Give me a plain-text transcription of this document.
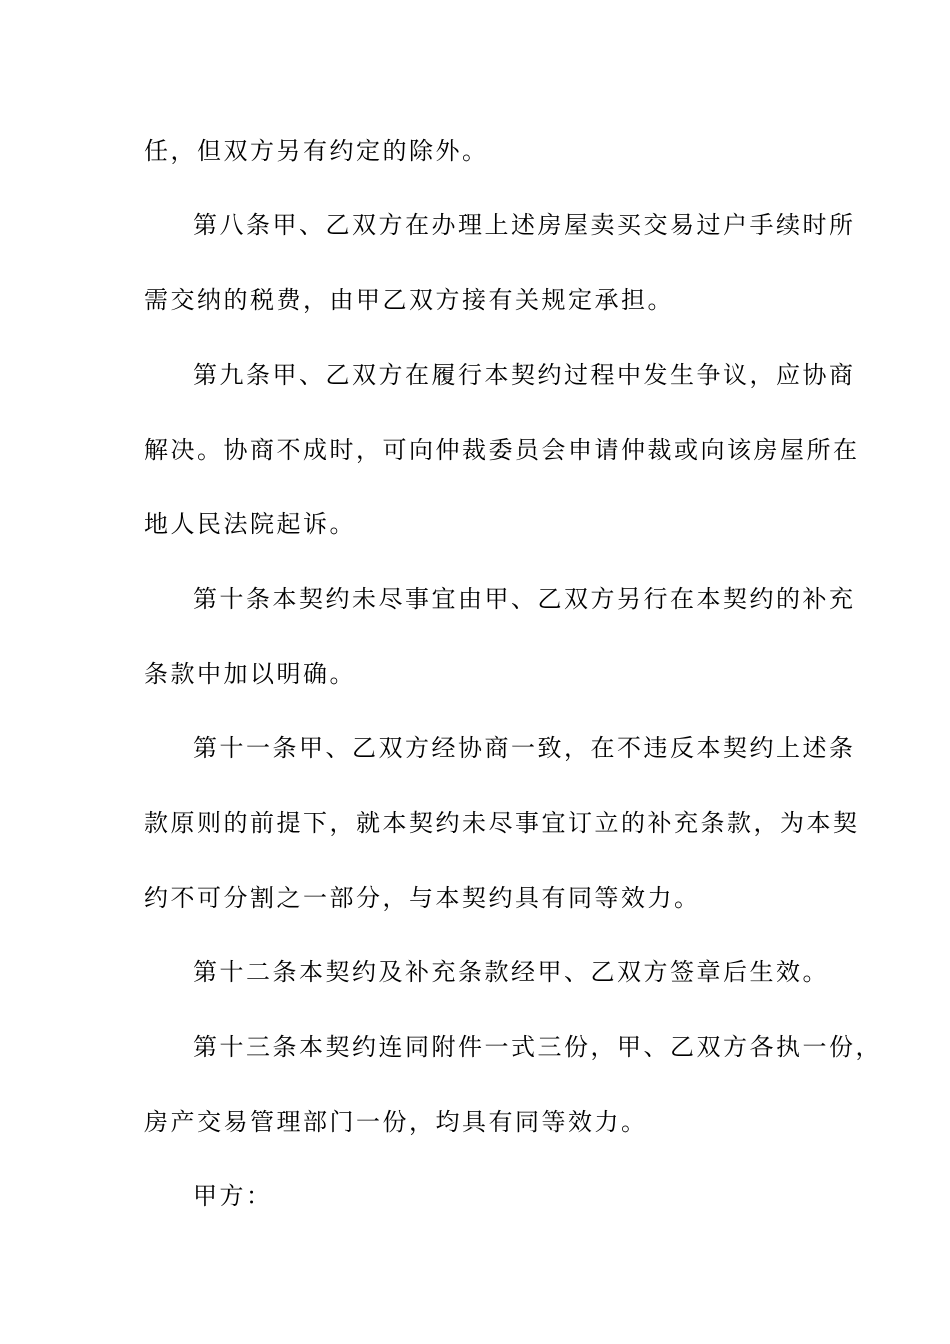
任，但双方另有约定的除外。
第八条甲、乙双方在办理上述房屋卖买交易过户手续时所
需交纳的税费，由甲乙双方接有关规定承担。
第九条甲、乙双方在履行本契约过程中发生争议，应协商
解决。协商不成时，可向仲裁委员会申请仲裁或向该房屋所在
地人民法院起诉。
第十条本契约未尽事宜由甲、乙双方另行在本契约的补充
条款中加以明确。
第十一条甲、乙双方经协商一致，在不违反本契约上述条
款原则的前提下，就本契约未尽事宜订立的补充条款，为本契
约不可分割之一部分，与本契约具有同等效力。
第十二条本契约及补充条款经甲、乙双方签章后生效。
第十三条本契约连同附件一式三份，甲、乙双方各执一份，
房产交易管理部门一份，均具有同等效力。
甲方：
